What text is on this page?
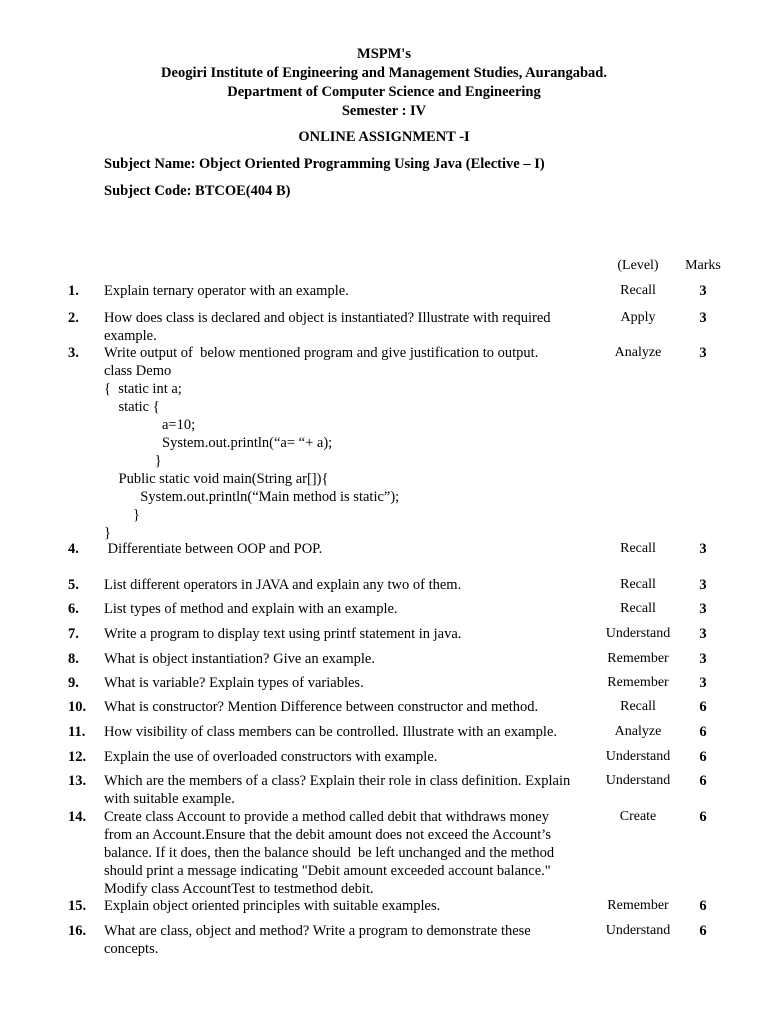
MSPM's
Deogiri Institute of Engineering and Management Studies, Aurangabad.
Department of Computer Science and Engineering
Semester : IV
ONLINE ASSIGNMENT -I
Subject Name: Object Oriented Programming Using Java (Elective – I)
Subject Code: BTCOE(404 B)
(Level)	Marks
1. Explain ternary operator with an example.	Recall	3
2. How does class is declared and object is instantiated? Illustrate with required
example.
Apply	3
3. Write output of  below mentioned program and give justification to output.
class Demo
{  static int a;
static {
a=10;
System.out.println(“a= “+ a);
}
Public static void main(String ar[]){
System.out.println(“Main method is static”);
}
}
Analyze	3
4. Differentiate between OOP and POP.	Recall	3
5. List different operators in JAVA and explain any two of them.	Recall	3
6. List types of method and explain with an example.	Recall	3
7. Write a program to display text using printf statement in java.	Understand	3
8. What is object instantiation? Give an example.	Remember	3
9. What is variable? Explain types of variables.	Remember	3
10. What is constructor? Mention Difference between constructor and method.	Recall	6
11. How visibility of class members can be controlled. Illustrate with an example.	Analyze	6
12. Explain the use of overloaded constructors with example.	Understand	6
13. Which are the members of a class? Explain their role in class definition. Explain
with suitable example.
Understand	6
14. Create class Account to provide a method called debit that withdraws money
from an Account.Ensure that the debit amount does not exceed the Account’s
balance. If it does, then the balance should  be left unchanged and the method
should print a message indicating "Debit amount exceeded account balance."
Modify class AccountTest to testmethod debit.
Create	6
15. Explain object oriented principles with suitable examples.	Remember	6
16. What are class, object and method? Write a program to demonstrate these
concepts.
Understand	6
